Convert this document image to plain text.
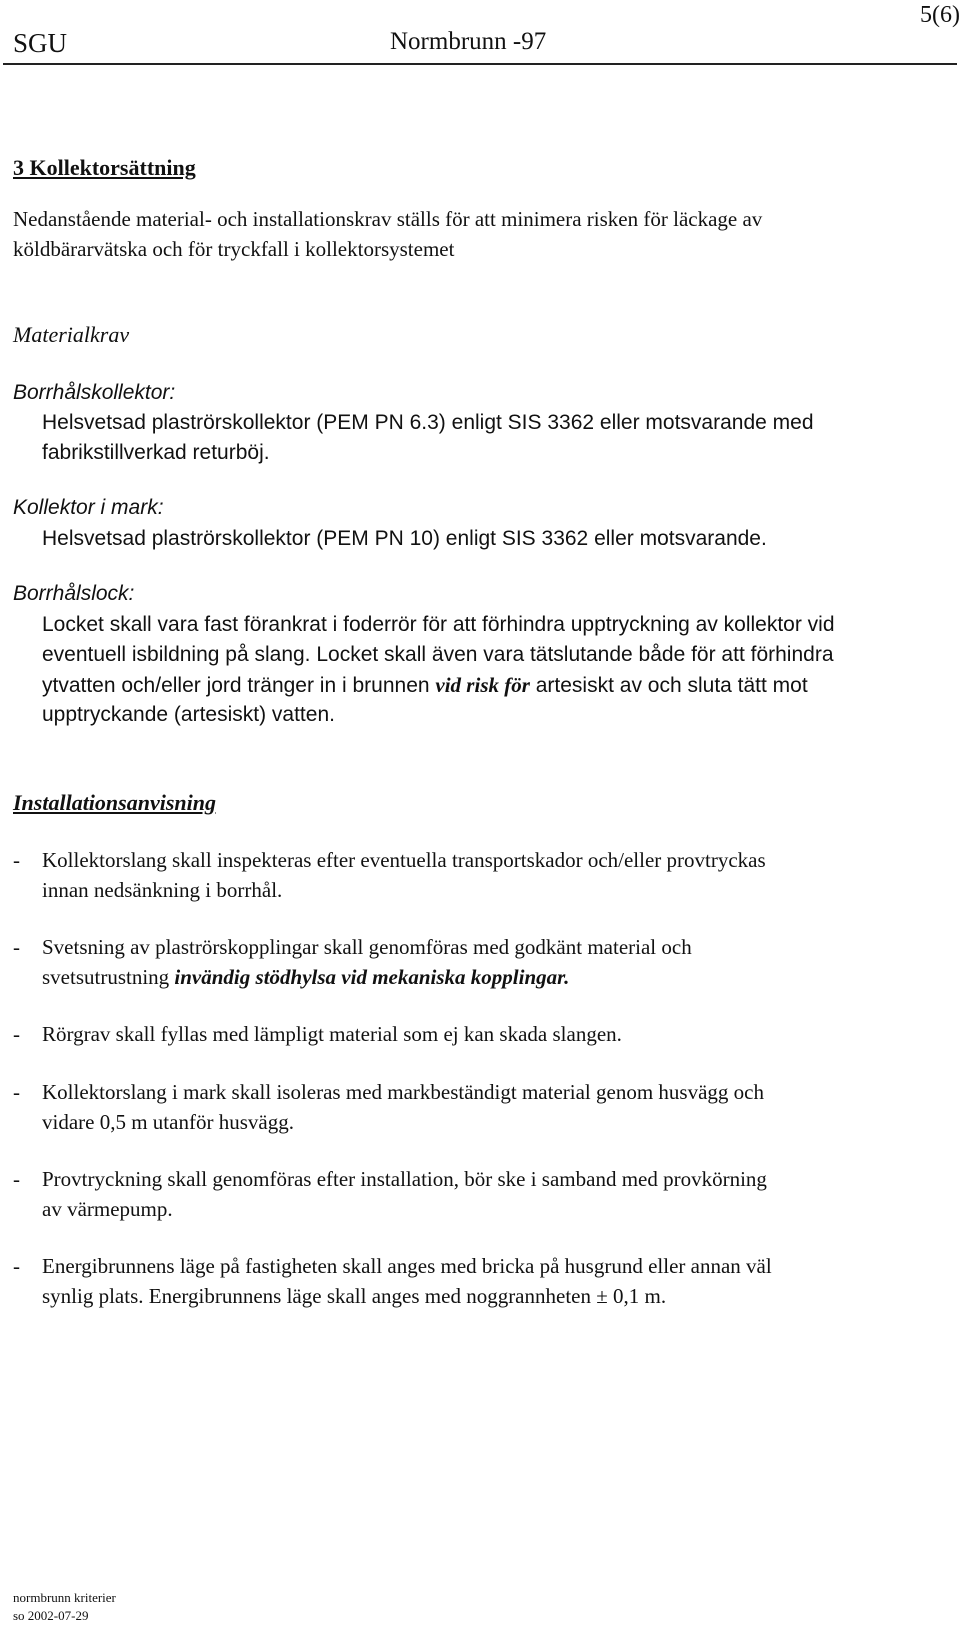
5(6)
SGU	Normbrunn -97
3 Kollektorsättning
Nedanstående material- och installationskrav ställs för att minimera risken för läckage av
köldbärarvätska och för tryckfall i kollektorsystemet
Materialkrav
Borrhålskollektor:
Helsvetsad plaströrskollektor (PEM PN 6.3) enligt SIS 3362 eller motsvarande med
fabrikstillverkad returböj.
Kollektor i mark:
Helsvetsad plaströrskollektor (PEM PN 10) enligt SIS 3362 eller motsvarande.
Borrhålslock:
Locket skall vara fast förankrat i foderrör för att förhindra upptryckning av kollektor vid
eventuell isbildning på slang. Locket skall även vara tätslutande både för att förhindra
ytvatten och/eller jord tränger in i brunnen vid risk för artesiskt av och sluta tätt mot
upptryckande (artesiskt) vatten.
Installationsanvisning
- Kollektorslang skall inspekteras efter eventuella transportskador och/eller provtryckas
innan nedsänkning i borrhål.
- Svetsning av plaströrskopplingar skall genomföras med godkänt material och
svetsutrustning invändig stödhylsa vid mekaniska kopplingar.
- Rörgrav skall fyllas med lämpligt material som ej kan skada slangen.
- Kollektorslang i mark skall isoleras med markbeständigt material genom husvägg och
vidare 0,5 m utanför husvägg.
- Provtryckning skall genomföras efter installation, bör ske i samband med provkörning
av värmepump.
- Energibrunnens läge på fastigheten skall anges med bricka på husgrund eller annan väl
synlig plats. Energibrunnens läge skall anges med noggrannheten ± 0,1 m.
normbrunn kriterier
so 2002-07-29
